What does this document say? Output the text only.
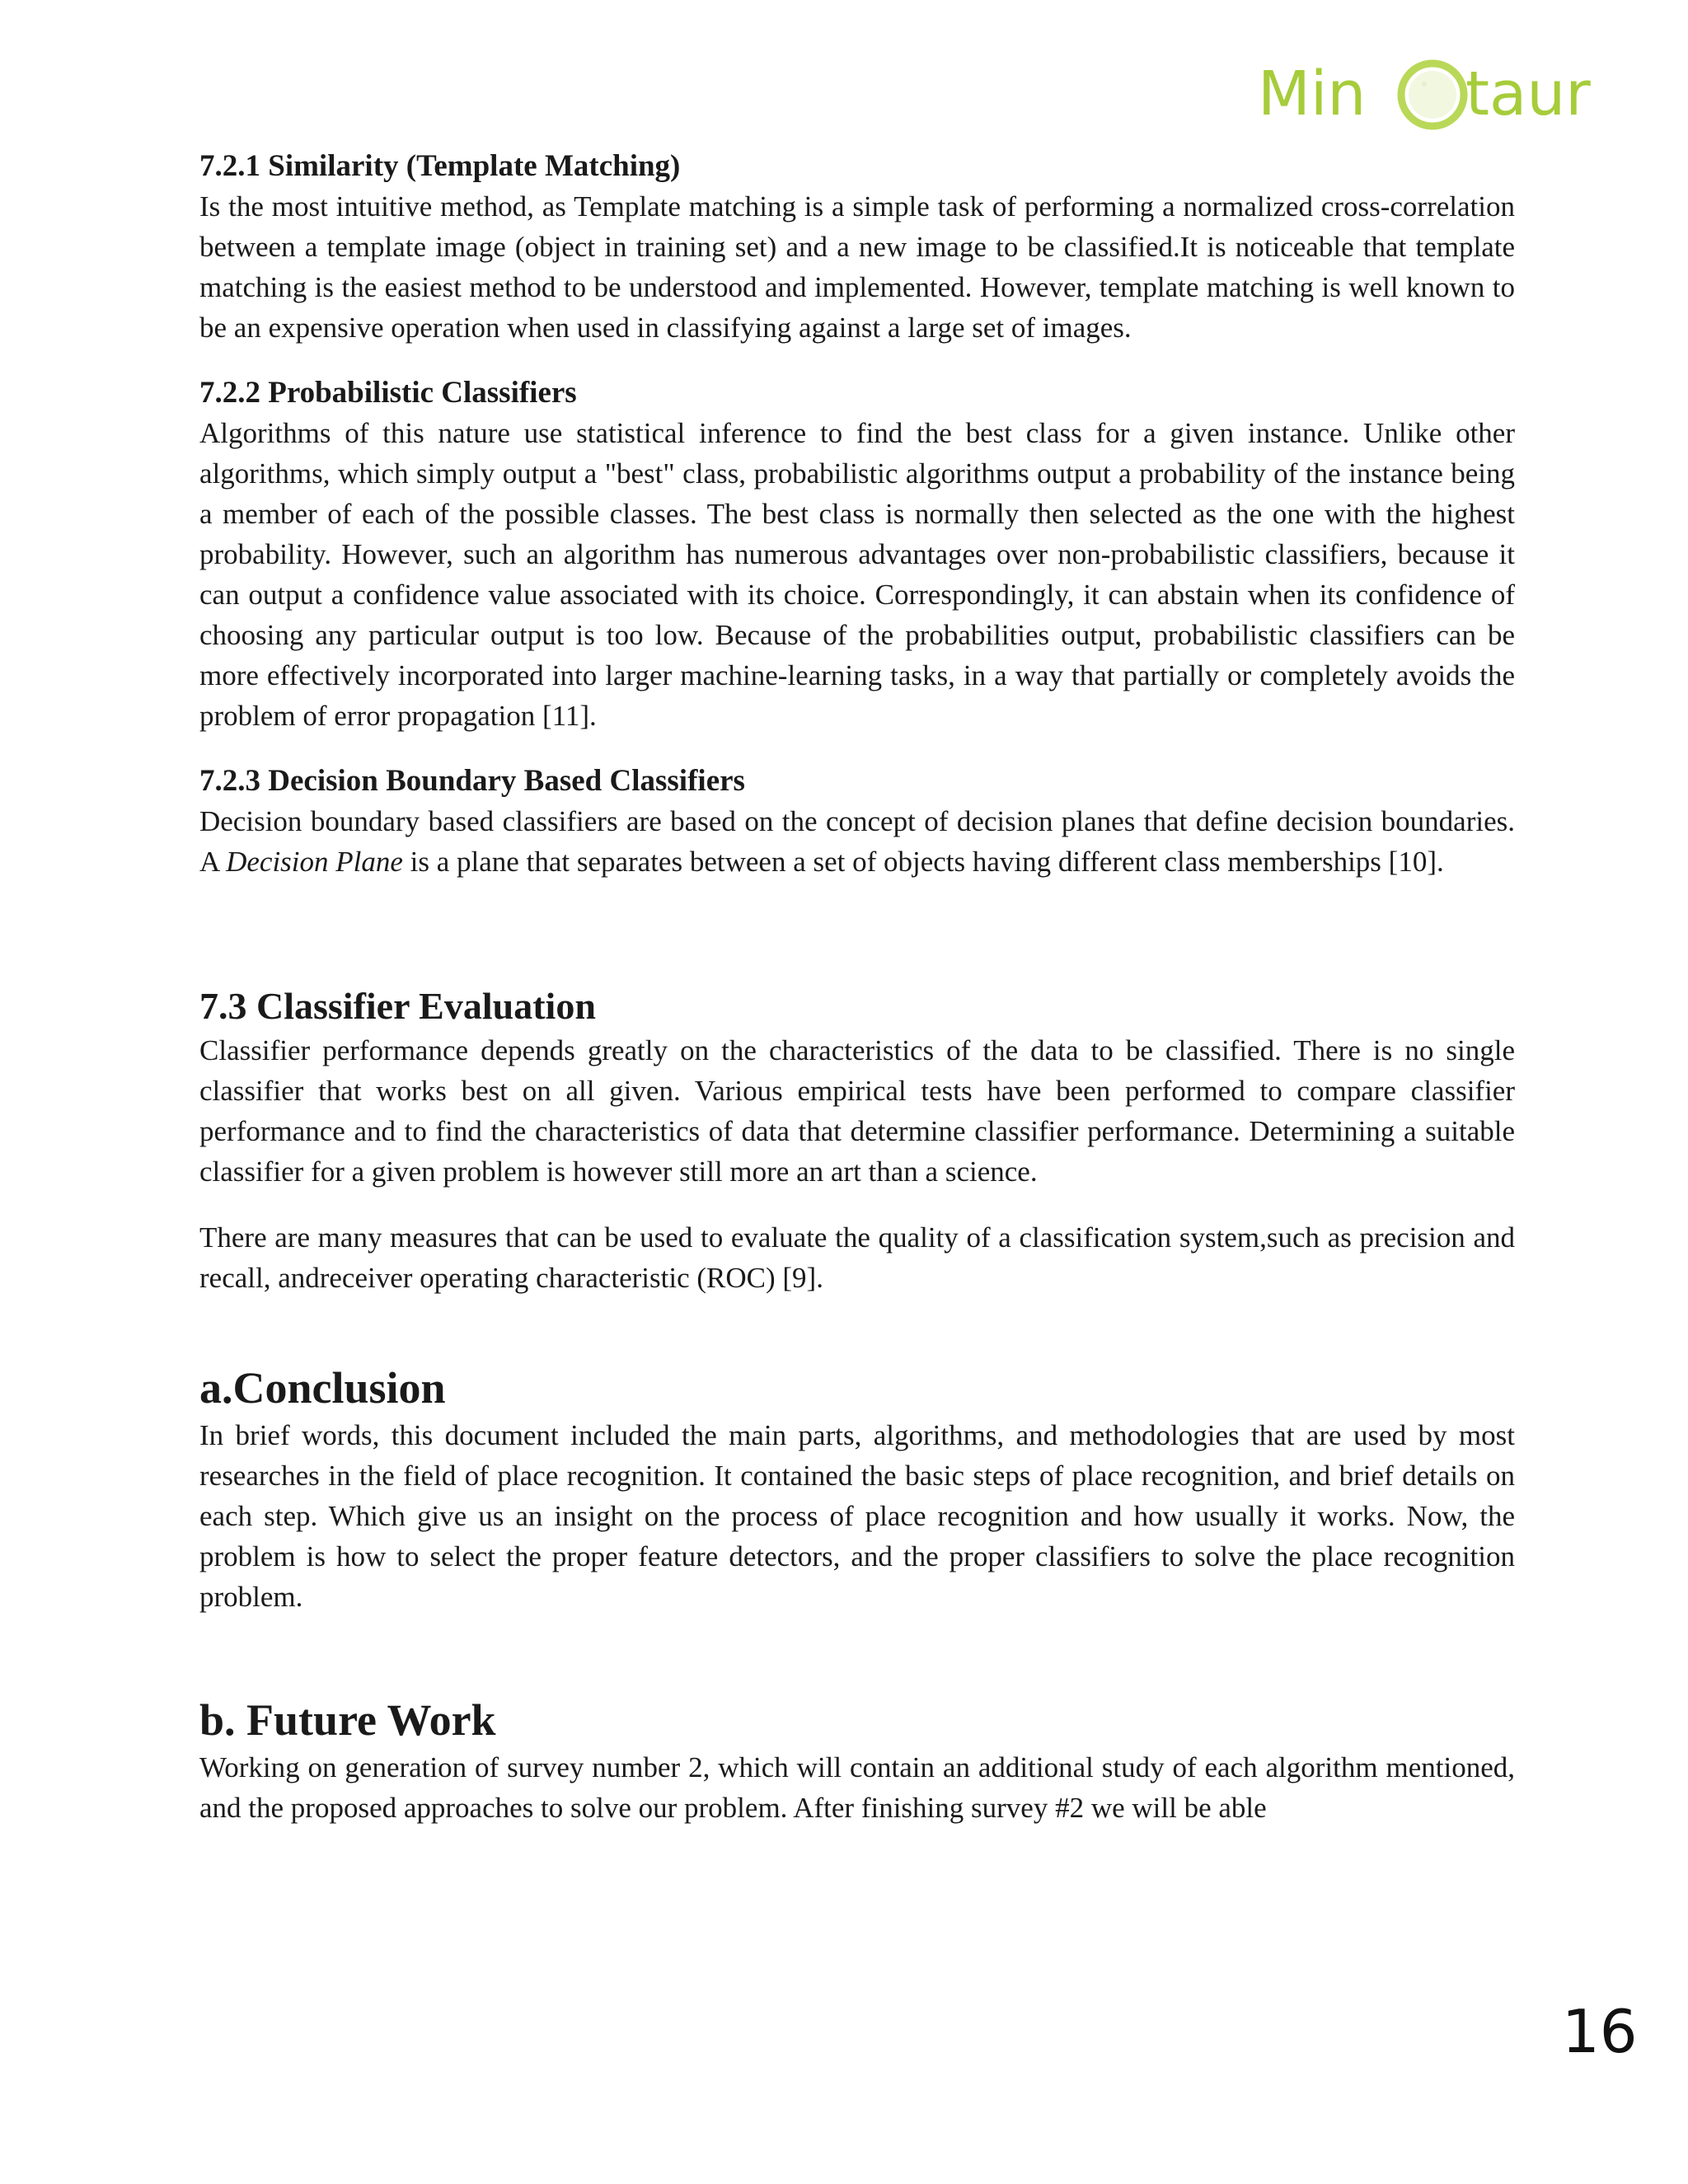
Min taur
7.2.1 Similarity (Template Matching)

Is the most intuitive method, as Template matching is a simple task of performing a normalized cross-correlation between a template image (object in training set) and a new image to be classified.It is noticeable that template matching is the easiest method to be understood and implemented. However, template matching is well known to be an expensive operation when used in classifying against a large set of images.

7.2.2 Probabilistic Classifiers

Algorithms of this nature use statistical inference to find the best class for a given instance. Unlike other algorithms, which simply output a "best" class, probabilistic algorithms output a probability of the instance being a member of each of the possible classes. The best class is normally then selected as the one with the highest probability. However, such an algorithm has numerous advantages over non-probabilistic classifiers, because it can output a confidence value associated with its choice. Correspondingly, it can abstain when its confidence of choosing any particular output is too low. Because of the probabilities output, probabilistic classifiers can be more effectively incorporated into larger machine-learning tasks, in a way that partially or completely avoids the problem of error propagation [11].

7.2.3 Decision Boundary Based Classifiers

Decision boundary based classifiers are based on the concept of decision planes that define decision boundaries. A Decision Plane is a plane that separates between a set of objects having different class memberships [10].

7.3 Classifier Evaluation

Classifier performance depends greatly on the characteristics of the data to be classified. There is no single classifier that works best on all given. Various empirical tests have been performed to compare classifier performance and to find the characteristics of data that determine classifier performance. Determining a suitable classifier for a given problem is however still more an art than a science.

There are many measures that can be used to evaluate the quality of a classification system,such as precision and recall, andreceiver operating characteristic (ROC) [9].

a.Conclusion

In brief words, this document included the main parts, algorithms, and methodologies that are used by most researches in the field of place recognition. It contained the basic steps of place recognition, and brief details on each step. Which give us an insight on the process of place recognition and how usually it works. Now, the problem is how to select the proper feature detectors, and the proper classifiers to solve the place recognition problem.

b. Future Work

Working on generation of survey number 2, which will contain an additional study of each algorithm mentioned, and the proposed approaches to solve our problem. After finishing survey #2 we will be able

16
